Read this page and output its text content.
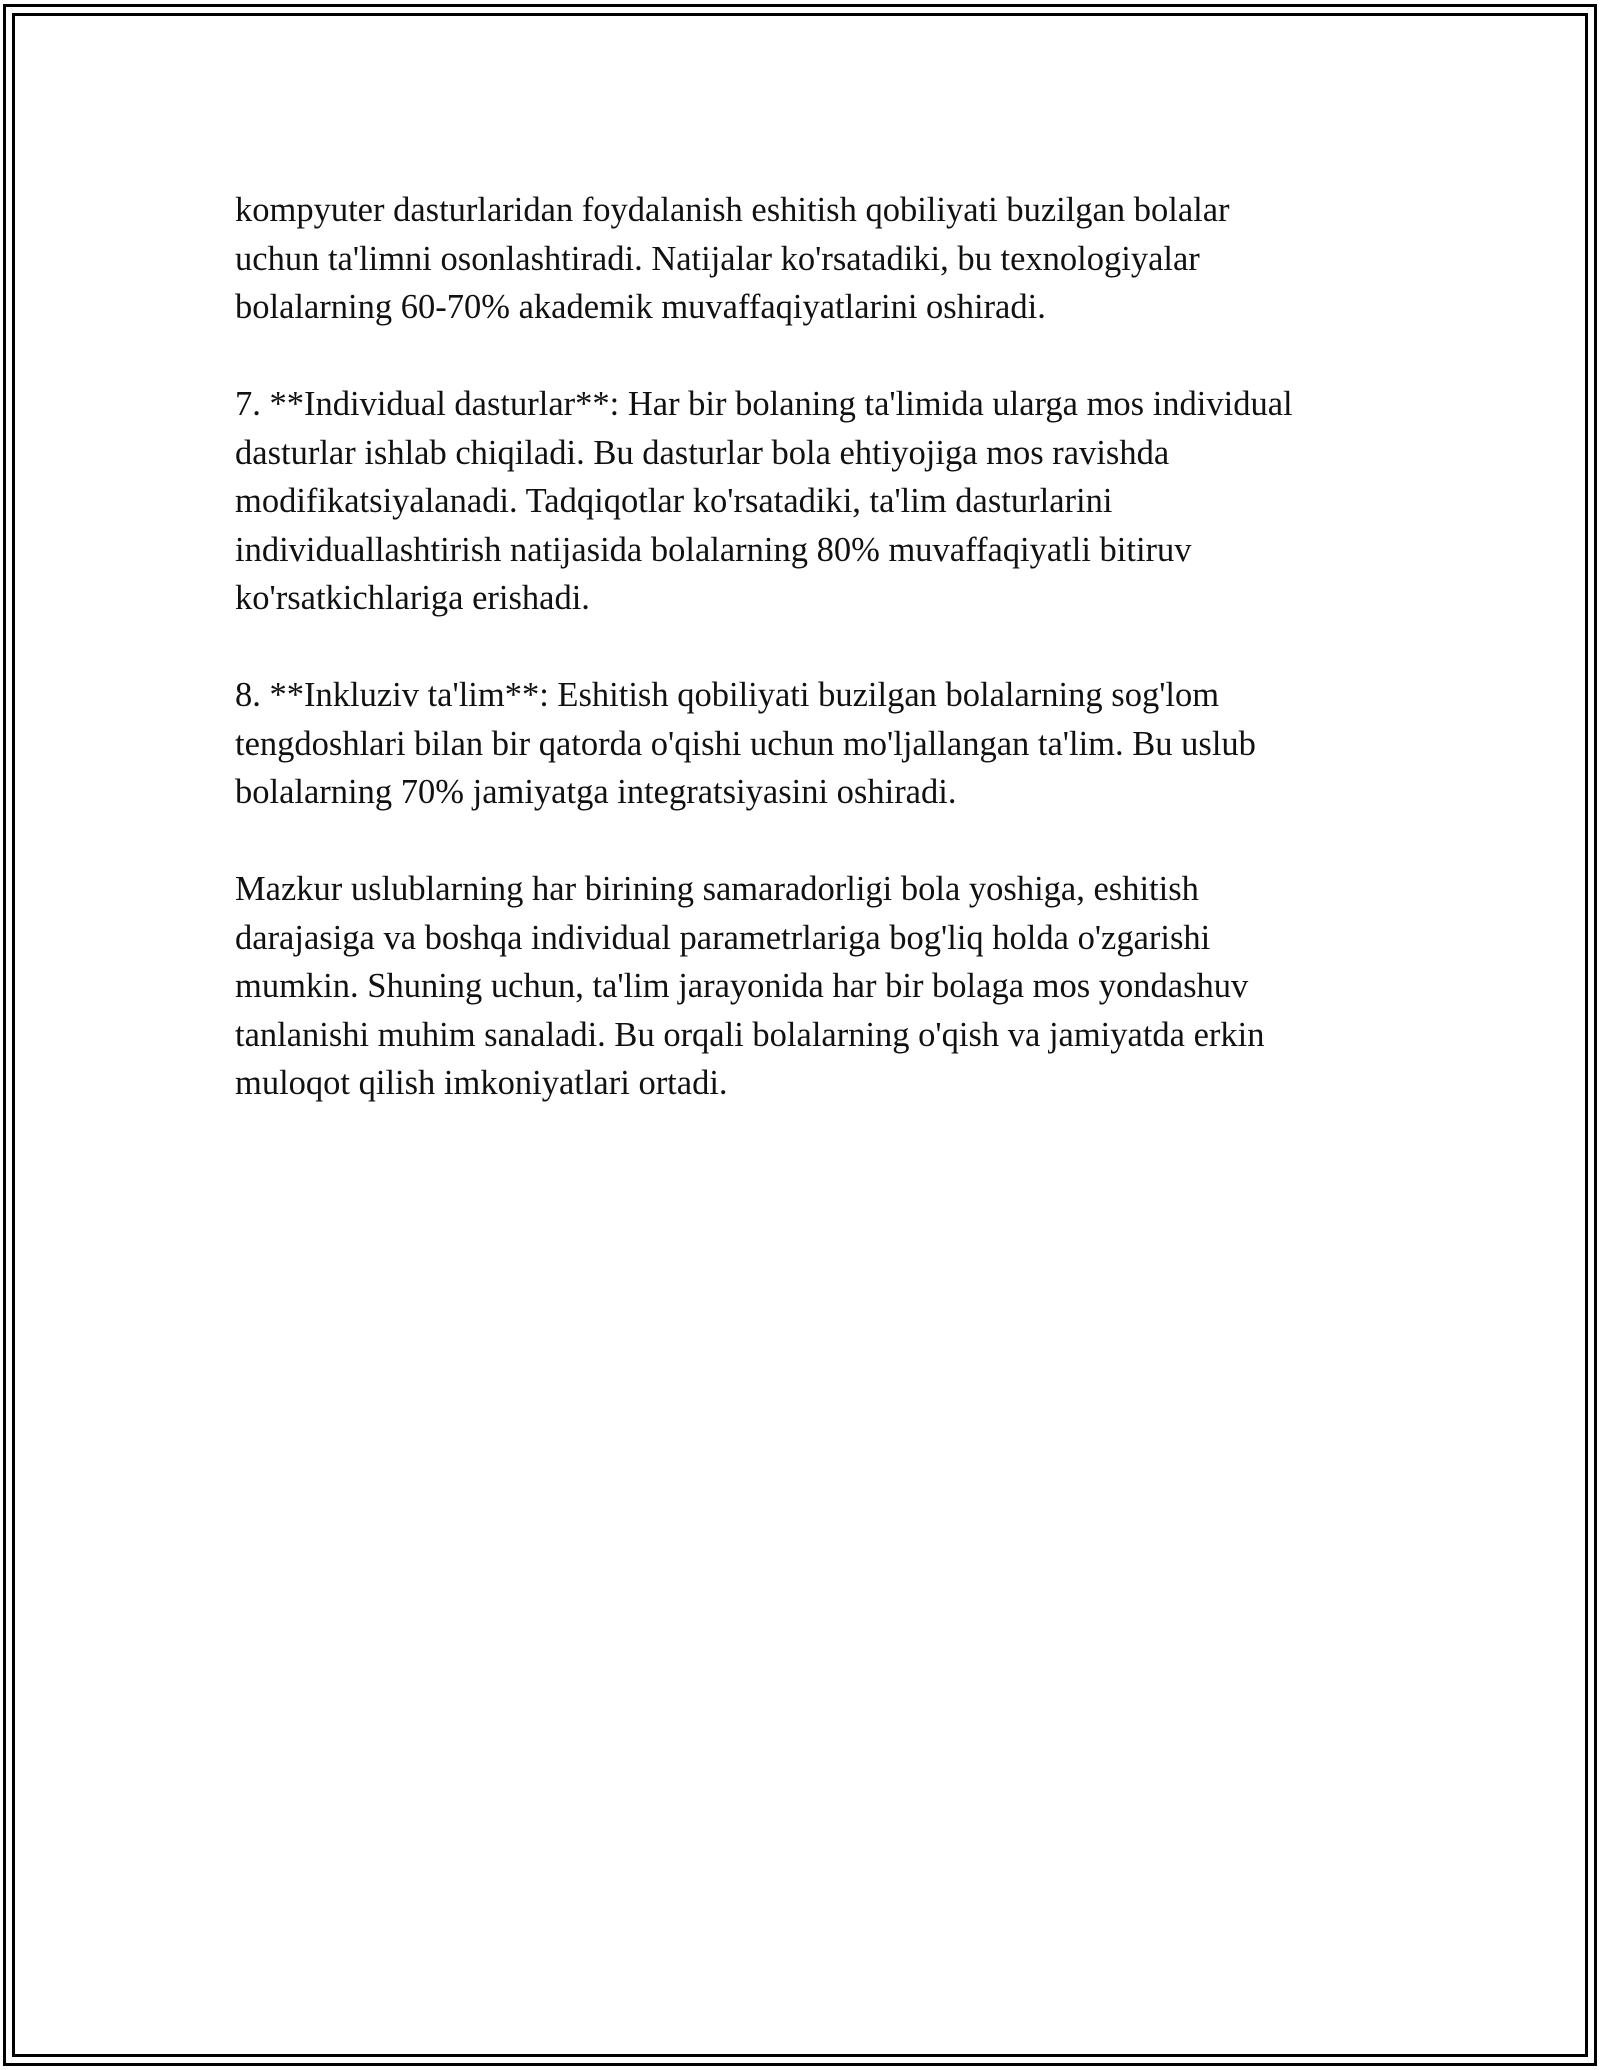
kompyuter dasturlaridan foydalanish eshitish qobiliyati buzilgan bolalar
uchun ta'limni osonlashtiradi. Natijalar ko'rsatadiki, bu texnologiyalar
bolalarning 60-70% akademik muvaffaqiyatlarini oshiradi.

7. **Individual dasturlar**: Har bir bolaning ta'limida ularga mos individual
dasturlar ishlab chiqiladi. Bu dasturlar bola ehtiyojiga mos ravishda
modifikatsiyalanadi. Tadqiqotlar ko'rsatadiki, ta'lim dasturlarini
individuallashtirish natijasida bolalarning 80% muvaffaqiyatli bitiruv
ko'rsatkichlariga erishadi.

8. **Inkluziv ta'lim**: Eshitish qobiliyati buzilgan bolalarning sog'lom
tengdoshlari bilan bir qatorda o'qishi uchun mo'ljallangan ta'lim. Bu uslub
bolalarning 70% jamiyatga integratsiyasini oshiradi.

Mazkur uslublarning har birining samaradorligi bola yoshiga, eshitish
darajasiga va boshqa individual parametrlariga bog'liq holda o'zgarishi
mumkin. Shuning uchun, ta'lim jarayonida har bir bolaga mos yondashuv
tanlanishi muhim sanaladi. Bu orqali bolalarning o'qish va jamiyatda erkin
muloqot qilish imkoniyatlari ortadi.
